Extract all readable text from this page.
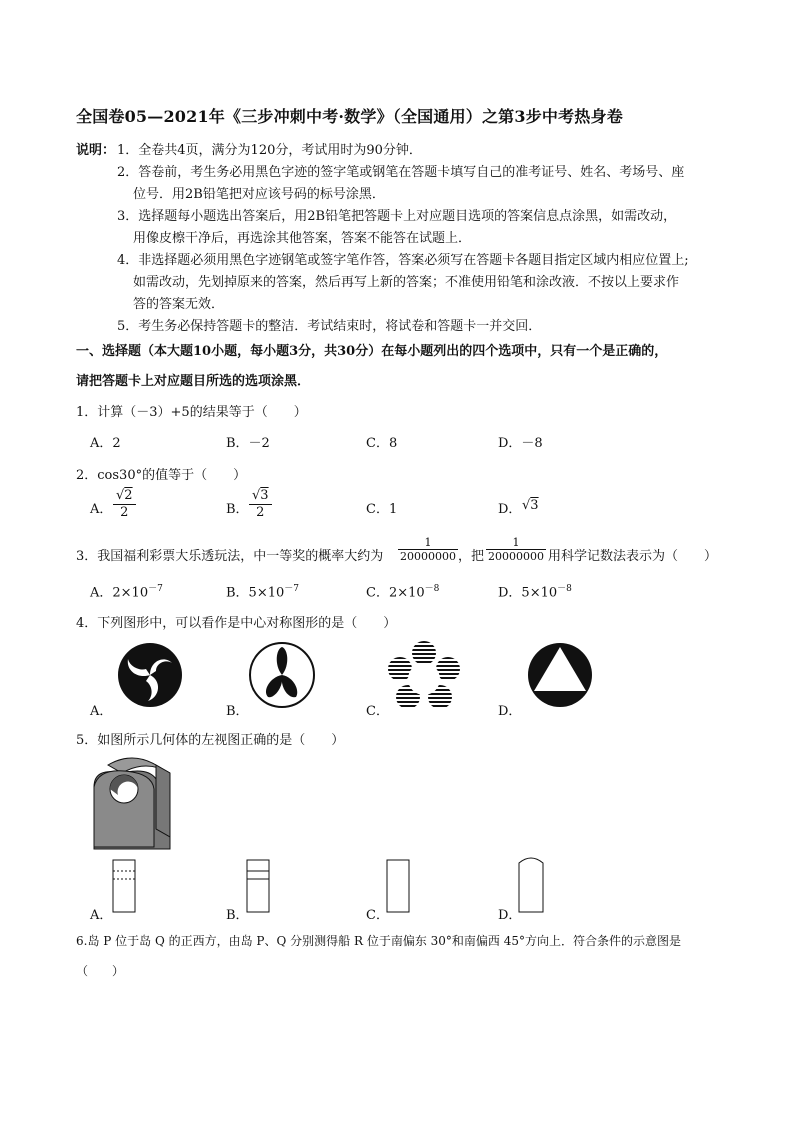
全国卷05—2021年《三步冲刺中考·数学》（全国通用）之第3步中考热身卷
说明： 1．全卷共4页，满分为120分，考试用时为90分钟．
2．答卷前，考生务必用黑色字迹的签字笔或钢笔在答题卡填写自己的准考证号、姓名、考场号、座
位号．用2B铅笔把对应该号码的标号涂黑．
3．选择题每小题选出答案后，用2B铅笔把答题卡上对应题目选项的答案信息点涂黑，如需改动，
用像皮檫干净后，再选涂其他答案，答案不能答在试题上．
4．非选择题必须用黑色字迹钢笔或签字笔作答，答案必须写在答题卡各题目指定区域内相应位置上;
如需改动，先划掉原来的答案，然后再写上新的答案；不准使用铅笔和涂改液．不按以上要求作
答的答案无效．
5．考生务必保持答题卡的整洁．考试结束时，将试卷和答题卡一并交回．
一、选择题（本大题10小题，每小题3分，共30分）在每小题列出的四个选项中，只有一个是正确的，
请把答题卡上对应题目所选的选项涂黑．
1．计算（－3）+5的结果等于（　　）
A．2	B．－2	C．8	D．－8
2．cos30°的值等于（　　）
A． $\frac{√2}{2}$	B． $\frac{√3}{2}$	C．1	D． √3
3．我国福利彩票大乐透玩法，中一等奖的概率大约为 $\frac{1}{20000000}$ ，把 $\frac{1}{20000000}$ 用科学记数法表示为（　　）
A．$2\times 10^{-7}$	B．$5\times 10^{-7}$	C．$2\times 10^{-8}$	D．$5\times 10^{-8}$
4．下列图形中，可以看作是中心对称图形的是（　　）
A．	B．	C．	D．
5．如图所示几何体的左视图正确的是（　　）
A．	B．	C．	D．
6.岛 P 位于岛 Q 的正西方，由岛 P、Q 分别测得船 R 位于南偏东 30°和南偏西 45°方向上．符合条件的示意图是
（　　）
